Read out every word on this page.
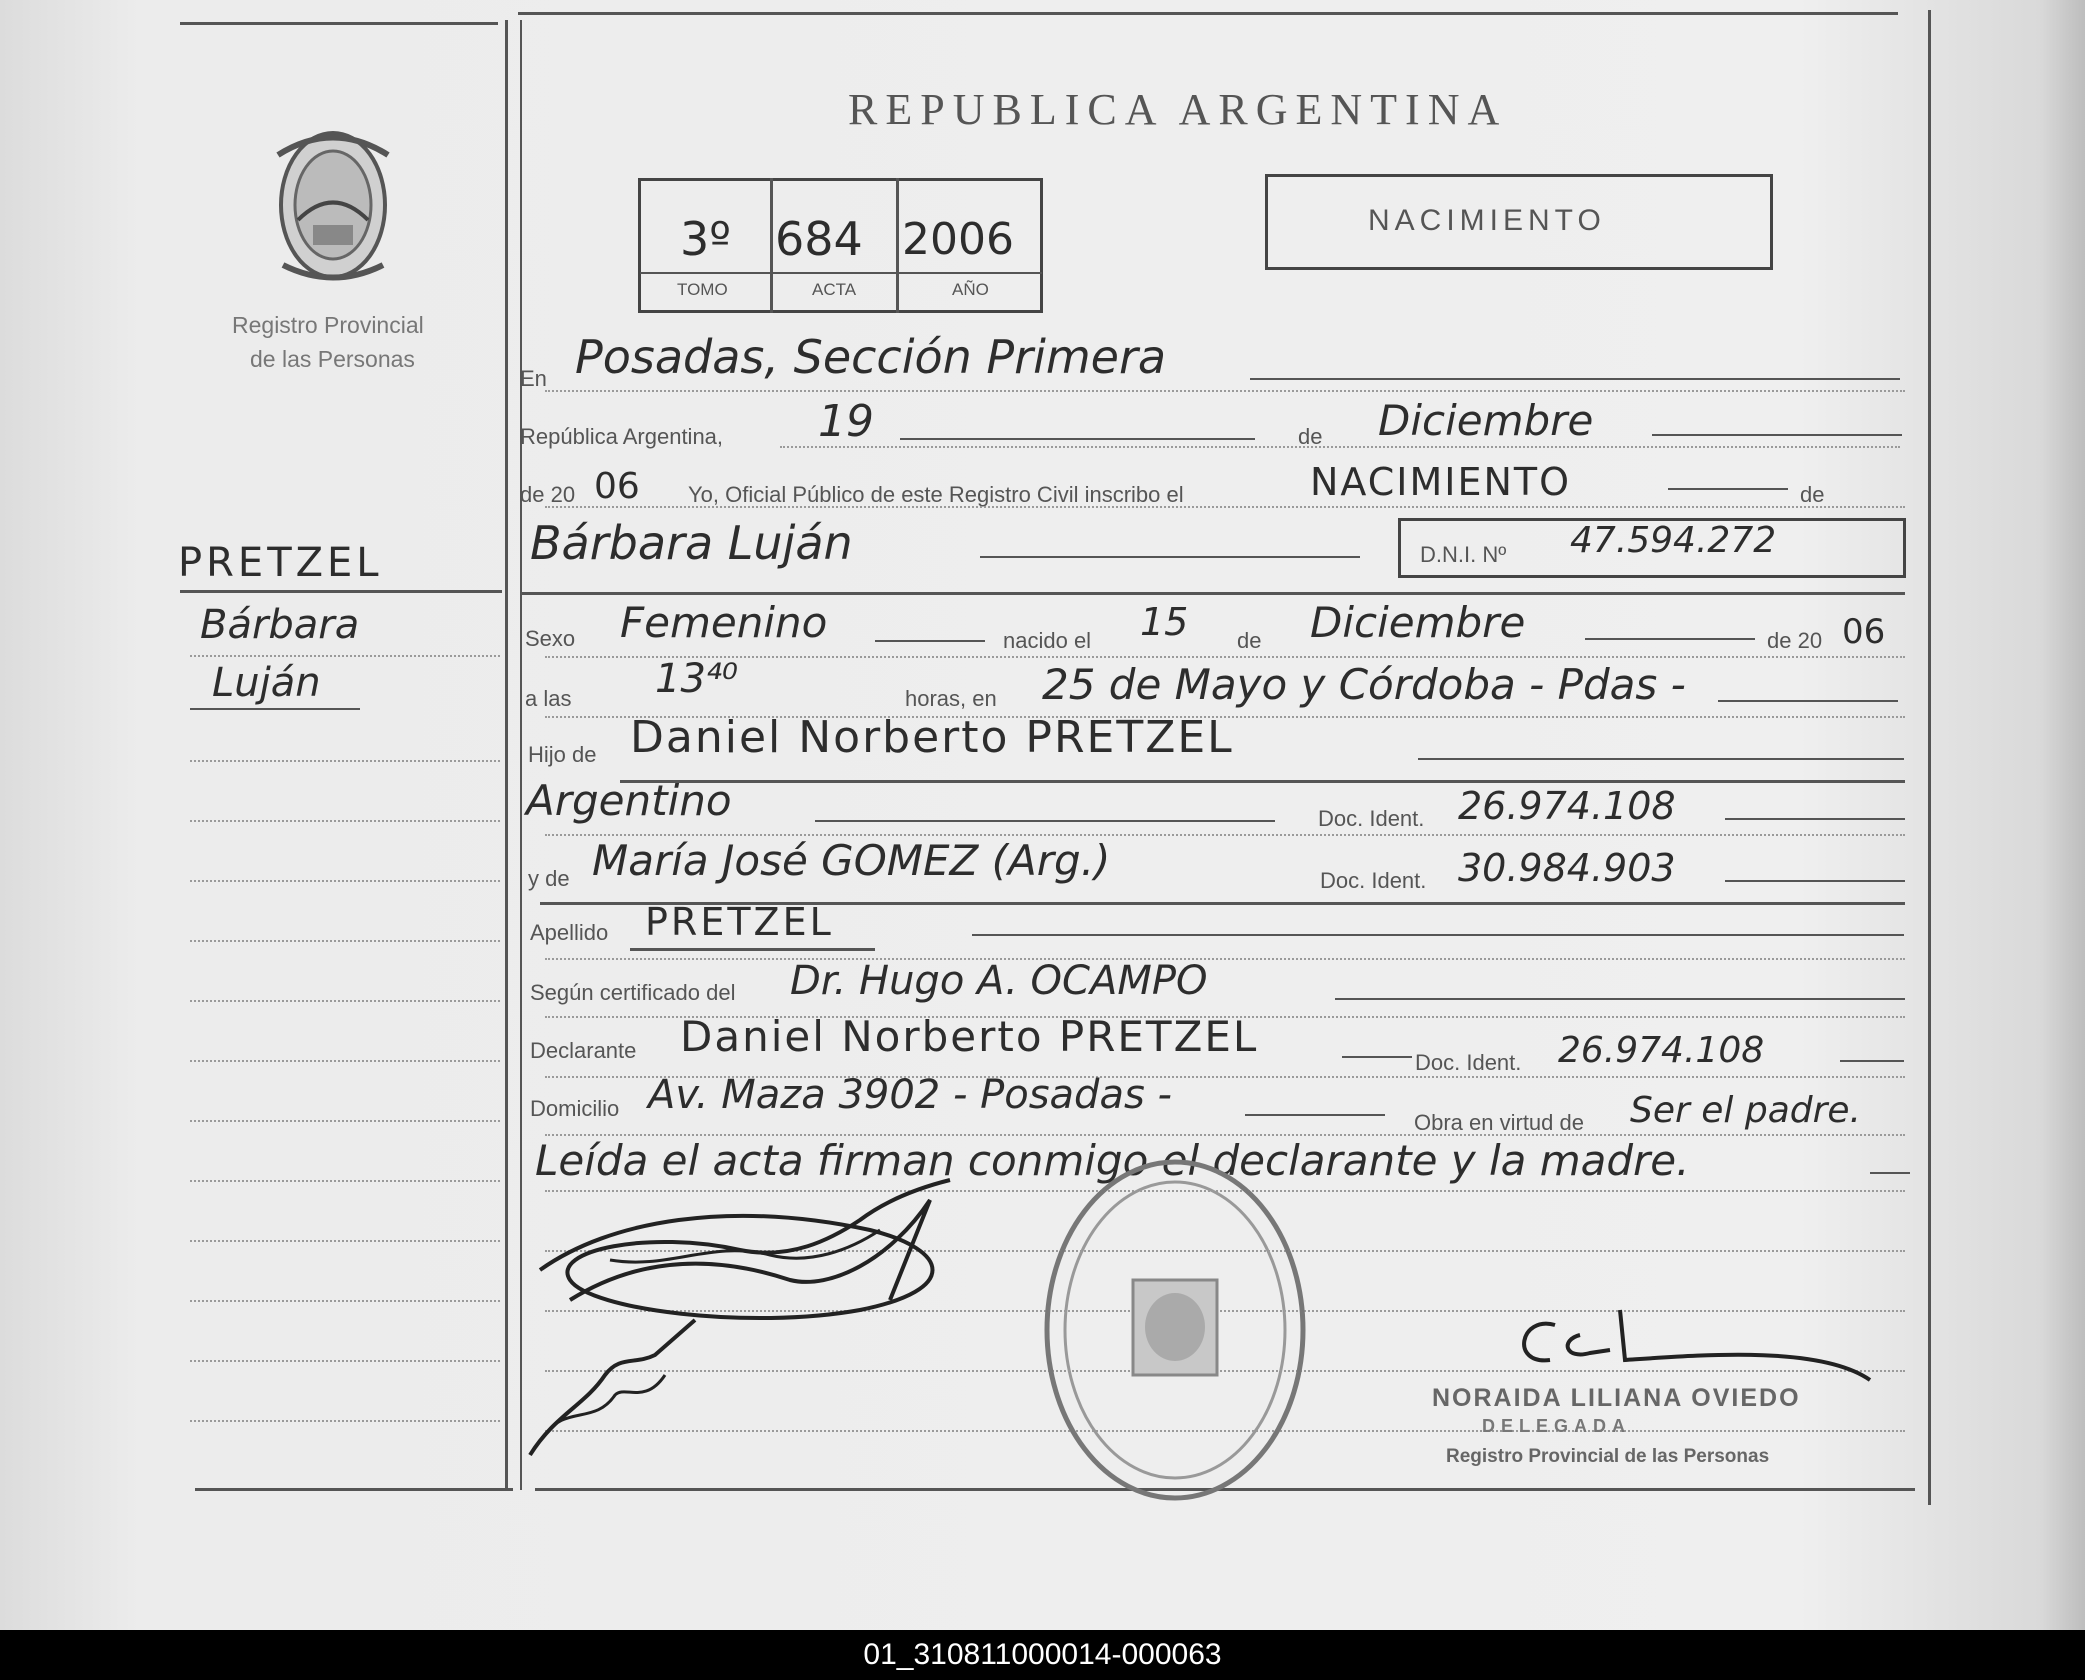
Registro Provincial
de las Personas
PRETZEL
Bárbara
Luján
REPUBLICA ARGENTINA
3º 684 2006
TOMO	ACTA	AÑO
NACIMIENTO
En Posadas, Sección Primera
República Argentina, 19	de Diciembre
de 20 06 Yo, Oficial Público de este Registro Civil inscribo el	NACIMIENTO	de
Bárbara Luján	D.N.I. Nº 47.594.272
Sexo Femenino	nacido el 15 de Diciembre	de 20 06
a las 13⁴⁰	horas, en 25 de Mayo y Córdoba - Pdas -
Hijo de Daniel Norberto PRETZEL
Argentino	Doc. Ident. 26.974.108
y de María José GOMEZ (Arg.)	Doc. Ident. 30.984.903
Apellido PRETZEL
Según certificado del Dr. Hugo A. OCAMPO
Declarante Daniel Norberto PRETZEL
Doc. Ident. 26.974.108
Domicilio Av. Maza 3902 - Posadas -
Obra en virtud de Ser el padre.
Leída el acta firman conmigo el declarante y la madre.
NORAIDA LILIANA OVIEDO
DELEGADA
Registro Provincial de las Personas
01_310811000014-000063
